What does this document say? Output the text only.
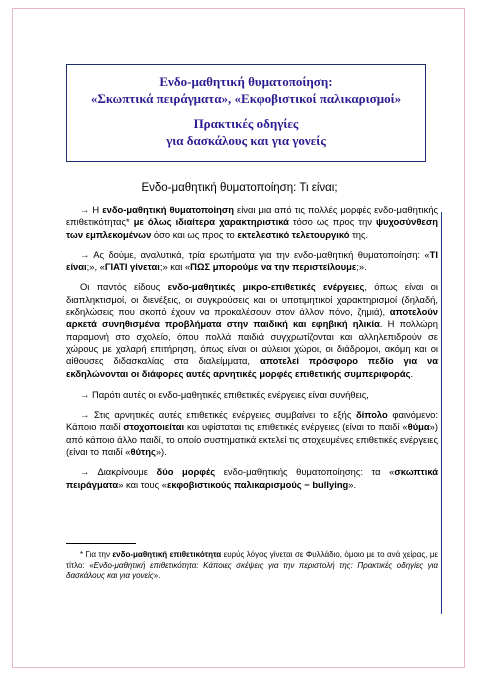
Ενδο-μαθητική θυματοποίηση:
«Σκωπτικά πειράγματα», «Εκφοβιστικοί παλικαρισμοί»
Πρακτικές οδηγίες
για δασκάλους και για γονείς
Ενδο-μαθητική θυματοποίηση: Τι είναι;

→ Η ενδο-μαθητική θυματοποίηση είναι μια από τις πολλές μορφές ενδο-μαθητικής επιθετικότητας* με όλως ιδιαίτερα χαρακτηριστικά τόσο ως προς την ψυχοσύνθεση των εμπλεκομένων όσο και ως προς το εκτελεστικό τελετουργικό της.

→ Ας δούμε, αναλυτικά, τρία ερωτήματα για την ενδο-μαθητική θυματοποίηση: «ΤΙ είναι;», «ΓΙΑΤΙ γίνεται;» και «ΠΩΣ μπορούμε να την περιστείλουμε;».

Οι παντός είδους ενδο-μαθητικές μικρο-επιθετικές ενέργειες, όπως είναι οι διαπληκτισμοί, οι διενέξεις, οι συγκρούσεις και οι υποτιμητικοί χαρακτηρισμοί (δηλαδή, εκδηλώσεις που σκοπό έχουν να προκαλέσουν στον άλλον πόνο, ζημιά), αποτελούν αρκετά συνηθισμένα προβλήματα στην παιδική και εφηβική ηλικία. Η πολλώρη παραμονή στο σχολείο, όπου πολλά παιδιά συγχρωτίζονται και αλληλεπιδρούν σε χώρους με χαλαρή επιτήρηση, όπως είναι οι αύλειοι χώροι, οι διάδρομοι, ακόμη και οι αίθουσες διδασκαλίας στα διαλείμματα, αποτελεί πρόσφορο πεδίο για να εκδηλώνονται οι διάφορες αυτές αρνητικές μορφές επιθετικής συμπεριφοράς.

→ Παρότι αυτές οι ενδο-μαθητικές επιθετικές ενέργειες είναι συνήθεις,

→ Στις αρνητικές αυτές επιθετικές ενέργειες συμβαίνει το εξής δίπολο φαινόμενο: Κάποιο παιδί στοχοποιείται και υφίσταται τις επιθετικές ενέργειες (είναι το παιδί «θύμα») από κάποιο άλλο παιδί, το οποίο συστηματικά εκτελεί τις στοχευμένες επιθετικές ενέργειες (είναι το παιδί «θύτης»).

→ Διακρίνουμε δύο μορφές ενδο-μαθητικής θυματοποίησης: τα «σκωπτικά πειράγματα» και τους «εκφοβιστικούς παλικαρισμούς − bullying».

* Για την ενδο-μαθητική επιθετικότητα ευρύς λόγος γίνεται σε Φυλλάδιο, όμοιο με το ανά χείρας, με τίτλο: «Ενδο-μαθητική επιθετικότητα: Κάποιες σκέψεις για την περιστολή της: Πρακτικές οδηγίες για δασκάλους και για γονείς».
